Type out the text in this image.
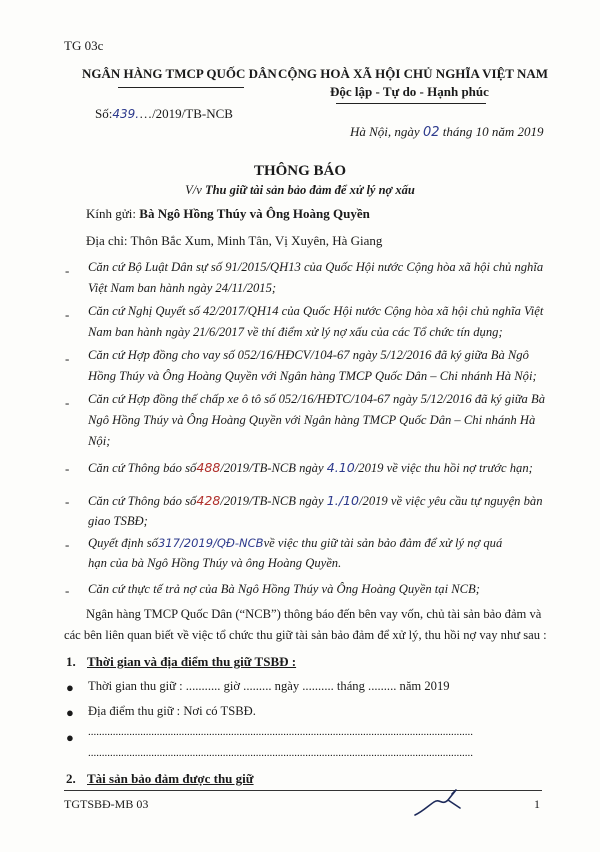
TG 03c
NGÂN HÀNG TMCP QUỐC DÂN
Số:439.…/2019/TB-NCB
CỘNG HOÀ XÃ HỘI CHỦ NGHĨA VIỆT NAM
Độc lập - Tự do - Hạnh phúc
Hà Nội, ngày 02 tháng 10 năm 2019
THÔNG BÁO
V/v Thu giữ tài sản bảo đảm để xử lý nợ xấu
Kính gửi: Bà Ngô Hồng Thúy và Ông Hoàng Quyền
Địa chỉ: Thôn Bắc Xum, Minh Tân, Vị Xuyên, Hà Giang
- Căn cứ Bộ Luật Dân sự số 91/2015/QH13 của Quốc Hội nước Cộng hòa xã hội chủ nghĩa Việt Nam ban hành ngày 24/11/2015;

- Căn cứ Nghị Quyết số 42/2017/QH14 của Quốc Hội nước Cộng hòa xã hội chủ nghĩa Việt Nam ban hành ngày 21/6/2017 về thí điểm xử lý nợ xấu của các Tổ chức tín dụng;

- Căn cứ Hợp đồng cho vay số 052/16/HĐCV/104-67 ngày 5/12/2016 đã ký giữa Bà Ngô Hồng Thúy và Ông Hoàng Quyền với Ngân hàng TMCP Quốc Dân – Chi nhánh Hà Nội;

- Căn cứ Hợp đồng thế chấp xe ô tô số 052/16/HĐTC/104-67 ngày 5/12/2016 đã ký giữa Bà Ngô Hồng Thúy và Ông Hoàng Quyền với Ngân hàng TMCP Quốc Dân – Chi nhánh Hà Nội;

- Căn cứ Thông báo số488/2019/TB-NCB ngày 4.10/2019 về việc thu hồi nợ trước hạn;
- Căn cứ Thông báo số428/2019/TB-NCB ngày 1./10/2019 về việc yêu cầu tự nguyện bàn
giao TSBĐ;
- Quyết định số317/2019/QĐ-NCBvề việc thu giữ tài sản bảo đảm để xử lý nợ quá
hạn của bà Ngô Hồng Thúy và ông Hoàng Quyền.
- Căn cứ thực tế trả nợ của Bà Ngô Hồng Thúy và Ông Hoàng Quyền tại NCB;
Ngân hàng TMCP Quốc Dân (“NCB”) thông báo đến bên vay vốn, chủ tài sản bảo đảm và
các bên liên quan biết về việc tổ chức thu giữ tài sản bảo đảm để xử lý, thu hồi nợ vay như sau :
1. Thời gian và địa điểm thu giữ TSBĐ :
● Thời gian thu giữ : ........... giờ ......... ngày .......... tháng ......... năm 2019
● Địa điểm thu giữ : Nơi có TSBĐ.
● ............................................................................................................................................
............................................................................................................................................
2. Tài sản bảo đảm được thu giữ
TGTSBĐ-MB 03	1
